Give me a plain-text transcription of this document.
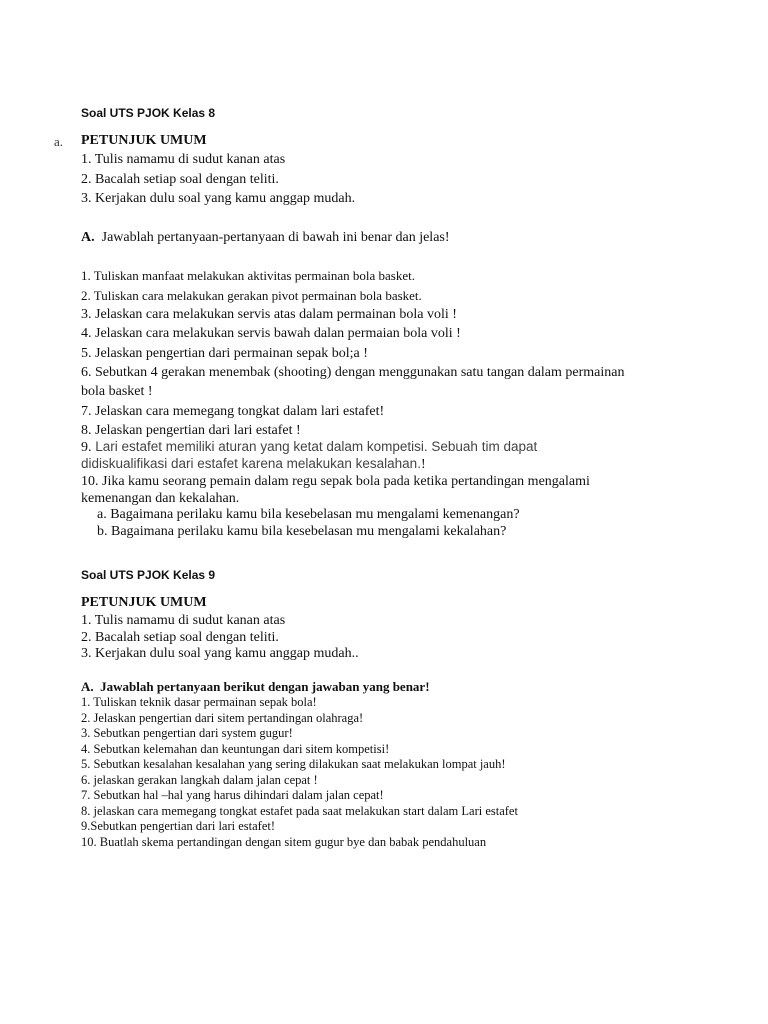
Soal UTS PJOK Kelas 8
a. PETUNJUK UMUM
1. Tulis namamu di sudut kanan atas
2. Bacalah setiap soal dengan teliti.
3. Kerjakan dulu soal yang kamu anggap mudah.
A. Jawablah pertanyaan-pertanyaan di bawah ini benar dan jelas!
1. Tuliskan manfaat melakukan aktivitas permainan bola basket.
2. Tuliskan cara melakukan gerakan pivot permainan bola basket.
3. Jelaskan cara melakukan servis atas dalam permainan bola voli !
4. Jelaskan cara melakukan servis bawah dalan permaian bola voli !
5. Jelaskan pengertian dari permainan sepak bol;a !
6. Sebutkan 4 gerakan menembak (shooting) dengan menggunakan satu tangan dalam permainan
bola basket !
7. Jelaskan cara memegang tongkat dalam lari estafet!
8. Jelaskan pengertian dari lari estafet !
9. Lari estafet memiliki aturan yang ketat dalam kompetisi. Sebuah tim dapat
didiskualifikasi dari estafet karena melakukan kesalahan.!
10. Jika kamu seorang pemain dalam regu sepak bola pada ketika pertandingan mengalami
kemenangan dan kekalahan.
a. Bagaimana perilaku kamu bila kesebelasan mu mengalami kemenangan?
b. Bagaimana perilaku kamu bila kesebelasan mu mengalami kekalahan?
Soal UTS PJOK Kelas 9
PETUNJUK UMUM
1. Tulis namamu di sudut kanan atas
2. Bacalah setiap soal dengan teliti.
3. Kerjakan dulu soal yang kamu anggap mudah..
A. Jawablah pertanyaan berikut dengan jawaban yang benar!
1. Tuliskan teknik dasar permainan sepak bola!
2. Jelaskan pengertian dari sitem pertandingan olahraga!
3. Sebutkan pengertian dari system gugur!
4. Sebutkan kelemahan dan keuntungan dari sitem kompetisi!
5. Sebutkan kesalahan kesalahan yang sering dilakukan saat melakukan lompat jauh!
6. jelaskan gerakan langkah dalam jalan cepat !
7. Sebutkan hal –hal yang harus dihindari dalam jalan cepat!
8. jelaskan cara memegang tongkat estafet pada saat melakukan start dalam Lari estafet
9.Sebutkan pengertian dari lari estafet!
10. Buatlah skema pertandingan dengan sitem gugur bye dan babak pendahuluan
